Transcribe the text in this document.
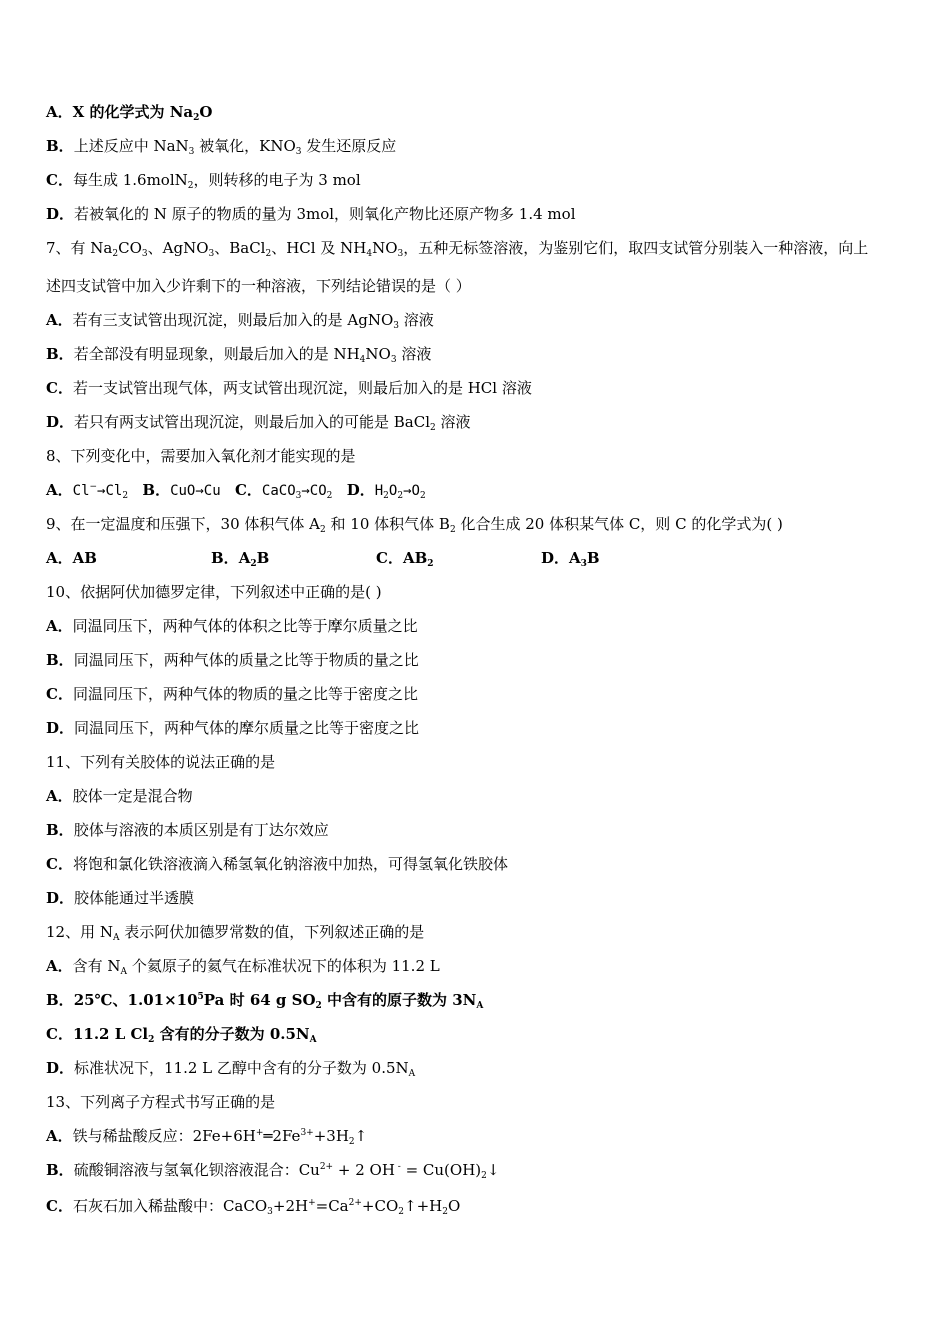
A．X 的化学式为 $Na_2O$
B．上述反应中 NaN$_3$ 被氧化，$KNO_3$ 发生还原反应
C．每生成 1.6molN$_2$，则转移的电子为 3 mol
D．若被氧化的 N 原子的物质的量为 3mol，则氧化产物比还原产物多 1.4 mol
7、有 $Na_2CO_3$、AgNO$_3$、BaCl$_2$、HCl 及 $NH_4NO_3$，五种无标签溶液，为鉴别它们，取四支试管分别装入一种溶液，向上
述四支试管中加入少许剩下的一种溶液，下列结论错误的是（ ）
A．若有三支试管出现沉淀，则最后加入的是 AgNO$_3$ 溶液
B．若全部没有明显现象，则最后加入的是 $NH_4NO_3$ 溶液
C．若一支试管出现气体，两支试管出现沉淀，则最后加入的是 HCl 溶液
D．若只有两支试管出现沉淀，则最后加入的可能是 BaCl$_2$ 溶液
8、下列变化中，需要加入氧化剂才能实现的是
A．$Cl^-\to Cl_2$ B．CuO→Cu C．$CaCO_3\to CO_2$ D．$H_2O_2\to O_2$
9、在一定温度和压强下，30 体积气体 $A_2$ 和 10 体积气体 $B_2$ 化合生成 20 体积某气体 C，则 C 的化学式为( )
A．AB	B．$A_2B$	C．$AB_2$	D．$A_3B$
10、依据阿伏加德罗定律，下列叙述中正确的是( )
A．同温同压下，两种气体的体积之比等于摩尔质量之比
B．同温同压下，两种气体的质量之比等于物质的量之比
C．同温同压下，两种气体的物质的量之比等于密度之比
D．同温同压下，两种气体的摩尔质量之比等于密度之比
11、下列有关胶体的说法正确的是
A．胶体一定是混合物
B．胶体与溶液的本质区别是有丁达尔效应
C．将饱和氯化铁溶液滴入稀氢氧化钠溶液中加热，可得氢氧化铁胶体
D．胶体能通过半透膜
12、用 $N_A$ 表示阿伏加德罗常数的值，下列叙述正确的是
A．含有 $N_A$ 个氦原子的氦气在标准状况下的体积为 11.2 L
B．25℃、$1.01\times 10^5Pa$ 时 64 g $SO_2$ 中含有的原子数为 $3N_A$
C．11.2 L $Cl_2$ 含有的分子数为 $0.5N_A$
D．标准状况下，11.2 L 乙醇中含有的分子数为 $0.5N_A$
13、下列离子方程式书写正确的是
A．铁与稀盐酸反应：$2Fe+6H^+═2Fe^{3+}+3H_2↑$
B．硫酸铜溶液与氢氧化钡溶液混合：$Cu^{2+} + 2$ OH $^- = Cu(OH)_2↓$
C．石灰石加入稀盐酸中：$CaCO_3+2H^+=Ca^{2+}+CO_2↑+H_2O$
